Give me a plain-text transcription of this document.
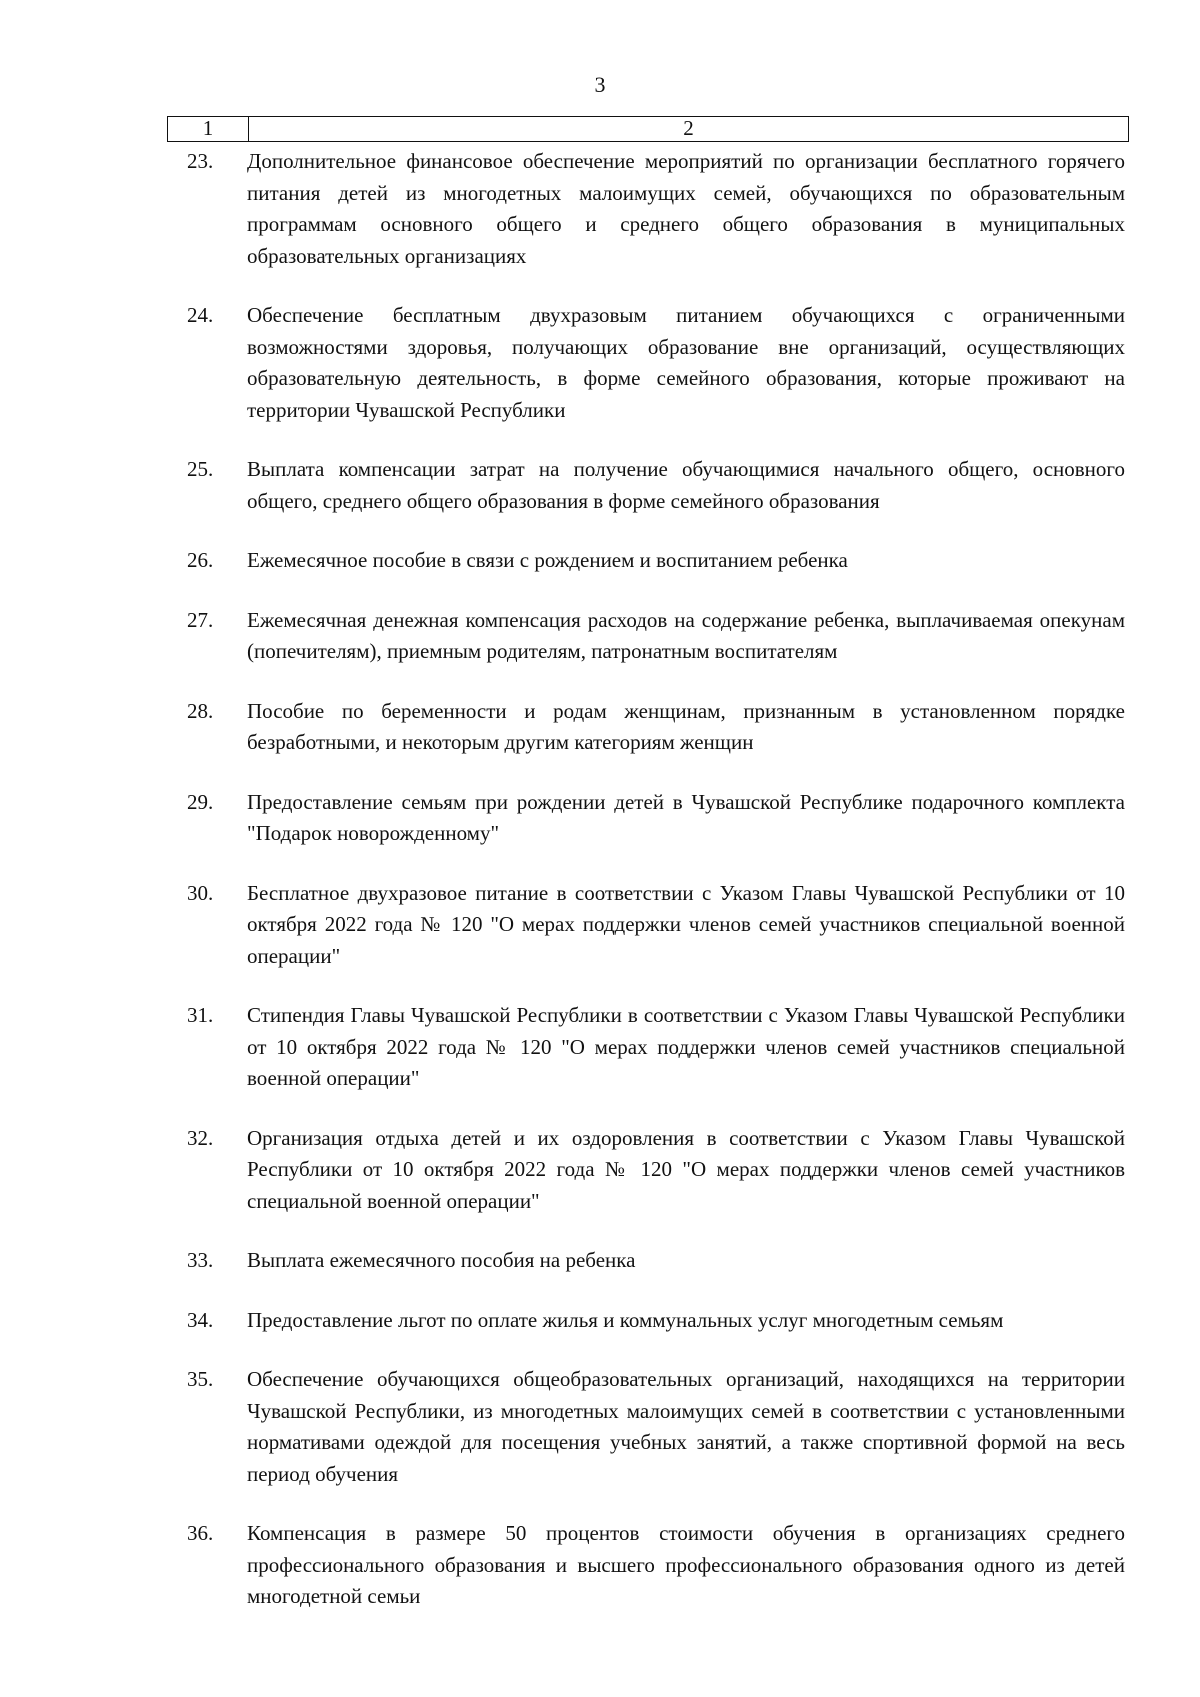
3
1	2
23.	Дополнительное финансовое обеспечение мероприятий по организации бесплатного горячего питания детей из многодетных малоимущих семей, обучающихся по образовательным программам основного общего и среднего общего образования в муниципальных образовательных организациях
24.	Обеспечение бесплатным двухразовым питанием обучающихся с ограниченными возможностями здоровья, получающих образование вне организаций, осуществляющих образовательную деятельность, в форме семейного образования, которые проживают на территории Чувашской Республики
25.	Выплата компенсации затрат на получение обучающимися начального общего, основного общего, среднего общего образования в форме семейного образования
26.	Ежемесячное пособие в связи с рождением и воспитанием ребенка
27.	Ежемесячная денежная компенсация расходов на содержание ребенка, выплачиваемая опекунам (попечителям), приемным родителям, патронатным воспитателям
28.	Пособие по беременности и родам женщинам, признанным в установленном порядке безработными, и некоторым другим категориям женщин
29.	Предоставление семьям при рождении детей в Чувашской Республике подарочного комплекта "Подарок новорожденному"
30.	Бесплатное двухразовое питание в соответствии с Указом Главы Чувашской Республики от 10 октября 2022 года № 120 "О мерах поддержки членов семей участников специальной военной операции"
31.	Стипендия Главы Чувашской Республики в соответствии с Указом Главы Чувашской Республики от 10 октября 2022 года № 120 "О мерах поддержки членов семей участников специальной военной операции"
32.	Организация отдыха детей и их оздоровления в соответствии с Указом Главы Чувашской Республики от 10 октября 2022 года № 120 "О мерах поддержки членов семей участников специальной военной операции"
33.	Выплата ежемесячного пособия на ребенка
34.	Предоставление льгот по оплате жилья и коммунальных услуг многодетным семьям
35.	Обеспечение обучающихся общеобразовательных организаций, находящихся на территории Чувашской Республики, из многодетных малоимущих семей в соответствии с установленными нормативами одеждой для посещения учебных занятий, а также спортивной формой на весь период обучения
36.	Компенсация в размере 50 процентов стоимости обучения в организациях среднего профессионального образования и высшего профессионального образования одного из детей многодетной семьи
